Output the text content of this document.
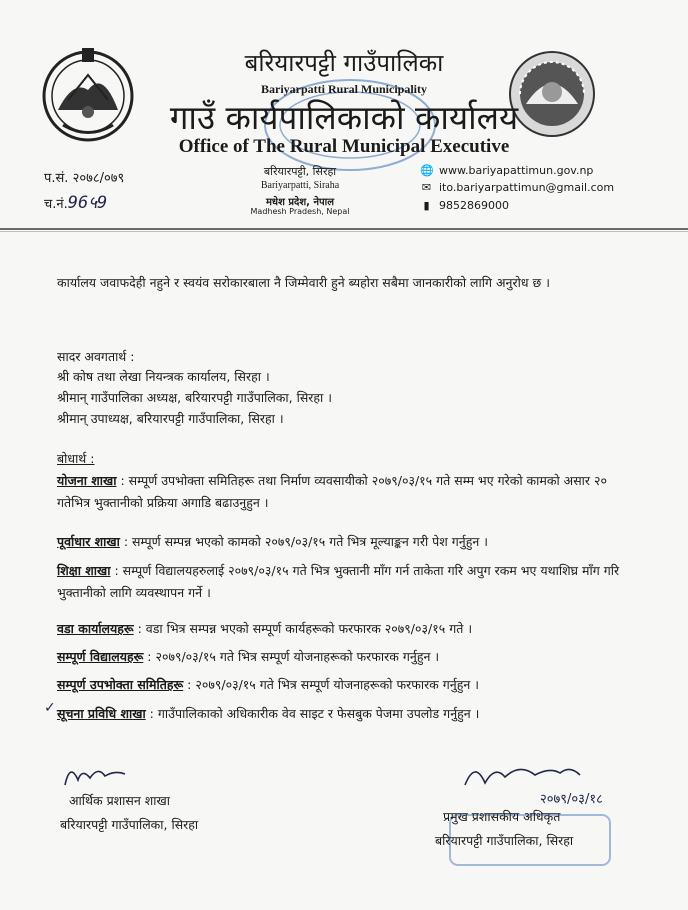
बरियारपट्टी गाउँपालिका
Bariyarpatti Rural Municipality
गाउँ कार्यपालिकाको कार्यालय
Office of The Rural Municipal Executive
प.सं. २०७८/०७९
च.नं.96५9
बरियारपट्टी, सिरहा
Bariyarpatti, Siraha
मधेश प्रदेश, नेपाल
Madhesh Pradesh, Nepal
🌐 www.bariyapattimun.gov.np
✉ ito.bariyarpattimun@gmail.com
▮ 9852869000
कार्यालय जवाफदेही नहुने र स्वयंव सरोकारबाला नै जिम्मेवारी हुने ब्यहोरा सबैमा जानकारीको लागि अनुरोध छ ।
सादर अवगतार्थ :
श्री कोष तथा लेखा नियन्त्रक कार्यालय, सिरहा ।
श्रीमान् गाउँपालिका अध्यक्ष, बरियारपट्टी गाउँपालिका, सिरहा ।
श्रीमान् उपाध्यक्ष, बरियारपट्टी गाउँपालिका, सिरहा ।
बोधार्थ :
योजना शाखा : सम्पूर्ण उपभोक्ता समितिहरू तथा निर्माण व्यवसायीको २०७९/०३/१५ गते सम्म भए गरेको कामको असार २० गतेभित्र भुक्तानीको प्रक्रिया अगाडि बढाउनुहुन ।
पूर्वाधार शाखा : सम्पूर्ण सम्पन्न भएको कामको २०७९/०३/१५ गते भित्र मूल्याङ्कन गरी पेश गर्नुहुन ।
शिक्षा शाखा : सम्पूर्ण विद्यालयहरुलाई २०७९/०३/१५ गते भित्र भुक्तानी माँग गर्न ताकेता गरि अपुग रकम भए यथाशिघ्र माँग गरि भुक्तानीको लागि व्यवस्थापन गर्ने ।
वडा कार्यालयहरू : वडा भित्र सम्पन्न भएको सम्पूर्ण कार्यहरूको फरफारक २०७९/०३/१५ गते ।
सम्पूर्ण विद्यालयहरू : २०७९/०३/१५ गते भित्र सम्पूर्ण योजनाहरूको फरफारक गर्नुहुन ।
सम्पूर्ण उपभोक्ता समितिहरू : २०७९/०३/१५ गते भित्र सम्पूर्ण योजनाहरूको फरफारक गर्नुहुन ।
सूचना प्रविधि शाखा : गाउँपालिकाको अधिकारीक वेव साइट र फेसबुक पेजमा उपलोड गर्नुहुन ।
✓
आर्थिक प्रशासन शाखा
बरियारपट्टी गाउँपालिका, सिरहा
२०७९/०३/१८
प्रमुख प्रशासकीय अधिकृत
बरियारपट्टी गाउँपालिका, सिरहा
